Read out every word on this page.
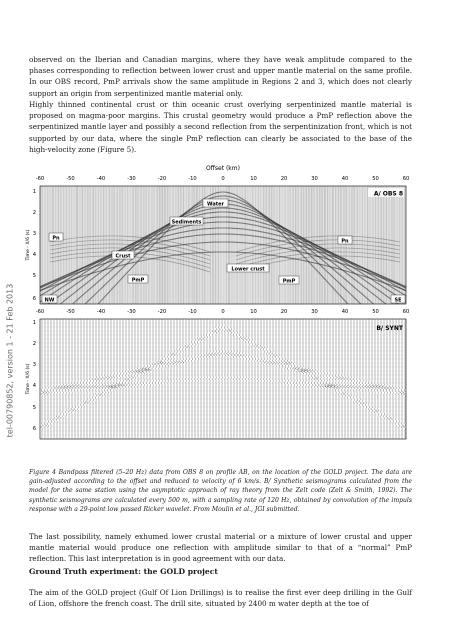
tel-00790852, version 1 - 21 Feb 2013

observed on the Iberian and Canadian margins, where they have weak amplitude compared to the phases corresponding to reflection between lower crust and upper mantle material on the same profile. In our OBS record, PmP arrivals show the same amplitude in Regions 2 and 3, which does not clearly support an origin from serpentinized mantle material only.

Highly thinned continental crust or thin oceanic crust overlying serpentinized mantle material is proposed on magma-poor margins. This crustal geometry would produce a PmP reflection above the serpentinized mantle layer and possibly a second reflection from the serpentinization front, which is not supported by our data, where the single PmP reflection can clearly be associated to the base of the high-velocity zone (Figure 5).

Offset (km)
-60	-50	-40	-30	-20	-10	0	10	20	30	40	50	60
1
2
3
4
5
6
Time - X/6 (s)
Water
Sediments
Pn	Pn
Crust
PmP
Lower crust
PmP
NW	SE
A/ OBS 8
-60	-50	-40	-30	-20	-10	0	10	20	30	40	50	60
1
2
3
4
5
6
Time - X/6 (s)
B/ SYNT

Figure 4 Bandpass filtered (5–20 Hz) data from OBS 8 on profile AB, on the location of the GOLD project. The data are gain-adjusted according to the offset and reduced to velocity of 6 km/s. B/ Synthetic seismograms calculated from the model for the same station using the asymptotic approach of ray theory from the Zelt code (Zelt & Smith, 1992). The synthetic seismograms are calculated every 500 m, with a sampling rate of 120 Hz, obtained by convolution of the impuls response with a 29-point low passed Ricker wavelet. From Moulin et al., JGI submitted.

The last possibility, namely exhumed lower crustal material or a mixture of lower crustal and upper mantle material would produce one reflection with amplitude similar to that of a “normal” PmP reflection. This last interpretation is in good agreement with our data.

Ground Truth experiment: the GOLD project

The aim of the GOLD project (Gulf Of Lion Drillings) is to realise the first ever deep drilling in the Gulf of Lion, offshore the french coast. The drill site, situated by 2400 m water depth at the toe of
